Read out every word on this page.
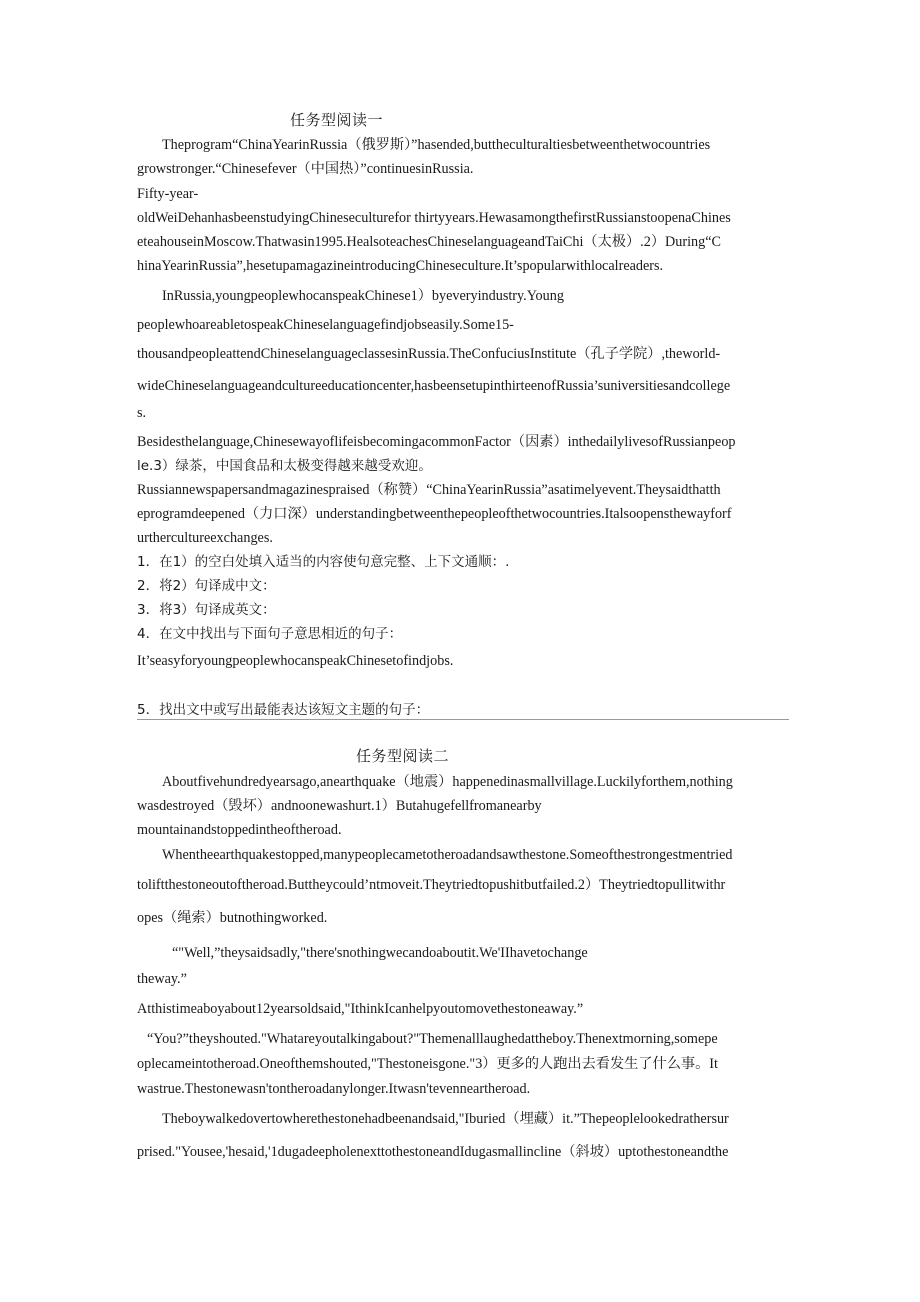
任务型阅读一
Theprogram“ChinaYearinRussia（俄罗斯）”hasended,buttheculturaltiesbetweenthetwocountries
growstronger.“Chinesefever（中国热）”continuesinRussia.
Fifty-year-
oldWeiDehanhasbeenstudyingChineseculturefor thirtyyears.HewasamongthefirstRussianstoopenaChines
eteahouseinMoscow.Thatwasin1995.HealsoteachesChineselanguageandTaiChi（太极）.2）During“C
hinaYearinRussia”,hesetupamagazineintroducingChineseculture.It’spopularwithlocalreaders.
InRussia,youngpeoplewhocanspeakChinese1）byeveryindustry.Young
peoplewhoareabletospeakChineselanguagefindjobseasily.Some15-
thousandpeopleattendChineselanguageclassesinRussia.TheConfuciusInstitute（孔子学院）,theworld-
wideChineselanguageandcultureeducationcenter,hasbeensetupinthirteenofRussia’suniversitiesandcollege
s.
Besidesthelanguage,ChinesewayoflifeisbecomingacommonFactor（因素）inthedailylivesofRussianpeop
le.3）绿茶，中国食品和太极变得越来越受欢迎。
Russiannewspapersandmagazinespraised（称赞）“ChinaYearinRussia”asatimelyevent.Theysaidthatth
eprogramdeepened（力口深）understandingbetweenthepeopleofthetwocountries.Italsoopensthewayforf
urthercultureexchanges.
1．在1）的空白处填入适当的内容使句意完整、上下文通顺：.
2．将2）句译成中文：
3．将3）句译成英文：
4．在文中找出与下面句子意思相近的句子：
It’seasyforyoungpeoplewhocanspeakChinesetofindjobs.
5．找出文中或写出最能表达该短文主题的句子：
任务型阅读二
Aboutfivehundredyearsago,anearthquake（地震）happenedinasmallvillage.Luckilyforthem,nothing
wasdestroyed（毁坏）andnoonewashurt.1）Butahugefellfromanearby
mountainandstoppedintheoftheroad.
Whentheearthquakestopped,manypeoplecametotheroadandsawthestone.Someofthestrongestmentried
toliftthestoneoutoftheroad.Buttheycould’ntmoveit.Theytriedtopushitbutfailed.2）Theytriedtopullitwithr
opes（绳索）butnothingworked.
“"Well,”theysaidsadly,"there'snothingwecandoaboutit.We'IIhavetochange
theway.”
Atthistimeaboyabout12yearsoldsaid,"IthinkIcanhelpyoutomovethestoneaway.”
“You?”theyshouted."Whatareyoutalkingabout?"Themenalllaughedattheboy.Thenextmorning,somepe
oplecameintotheroad.Oneofthemshouted,"Thestoneisgone."3）更多的人跑出去看发生了什么事。It
wastrue.Thestonewasn'tontheroadanylonger.Itwasn'tevenneartheroad.
Theboywalkedovertowherethestonehadbeenandsaid,"Iburied（埋藏）it.”Thepeoplelookedrathersur
prised."Yousee,'hesaid,'1dugadeepholenexttothestoneandIdugasmallincline（斜坡）uptothestoneandthe
